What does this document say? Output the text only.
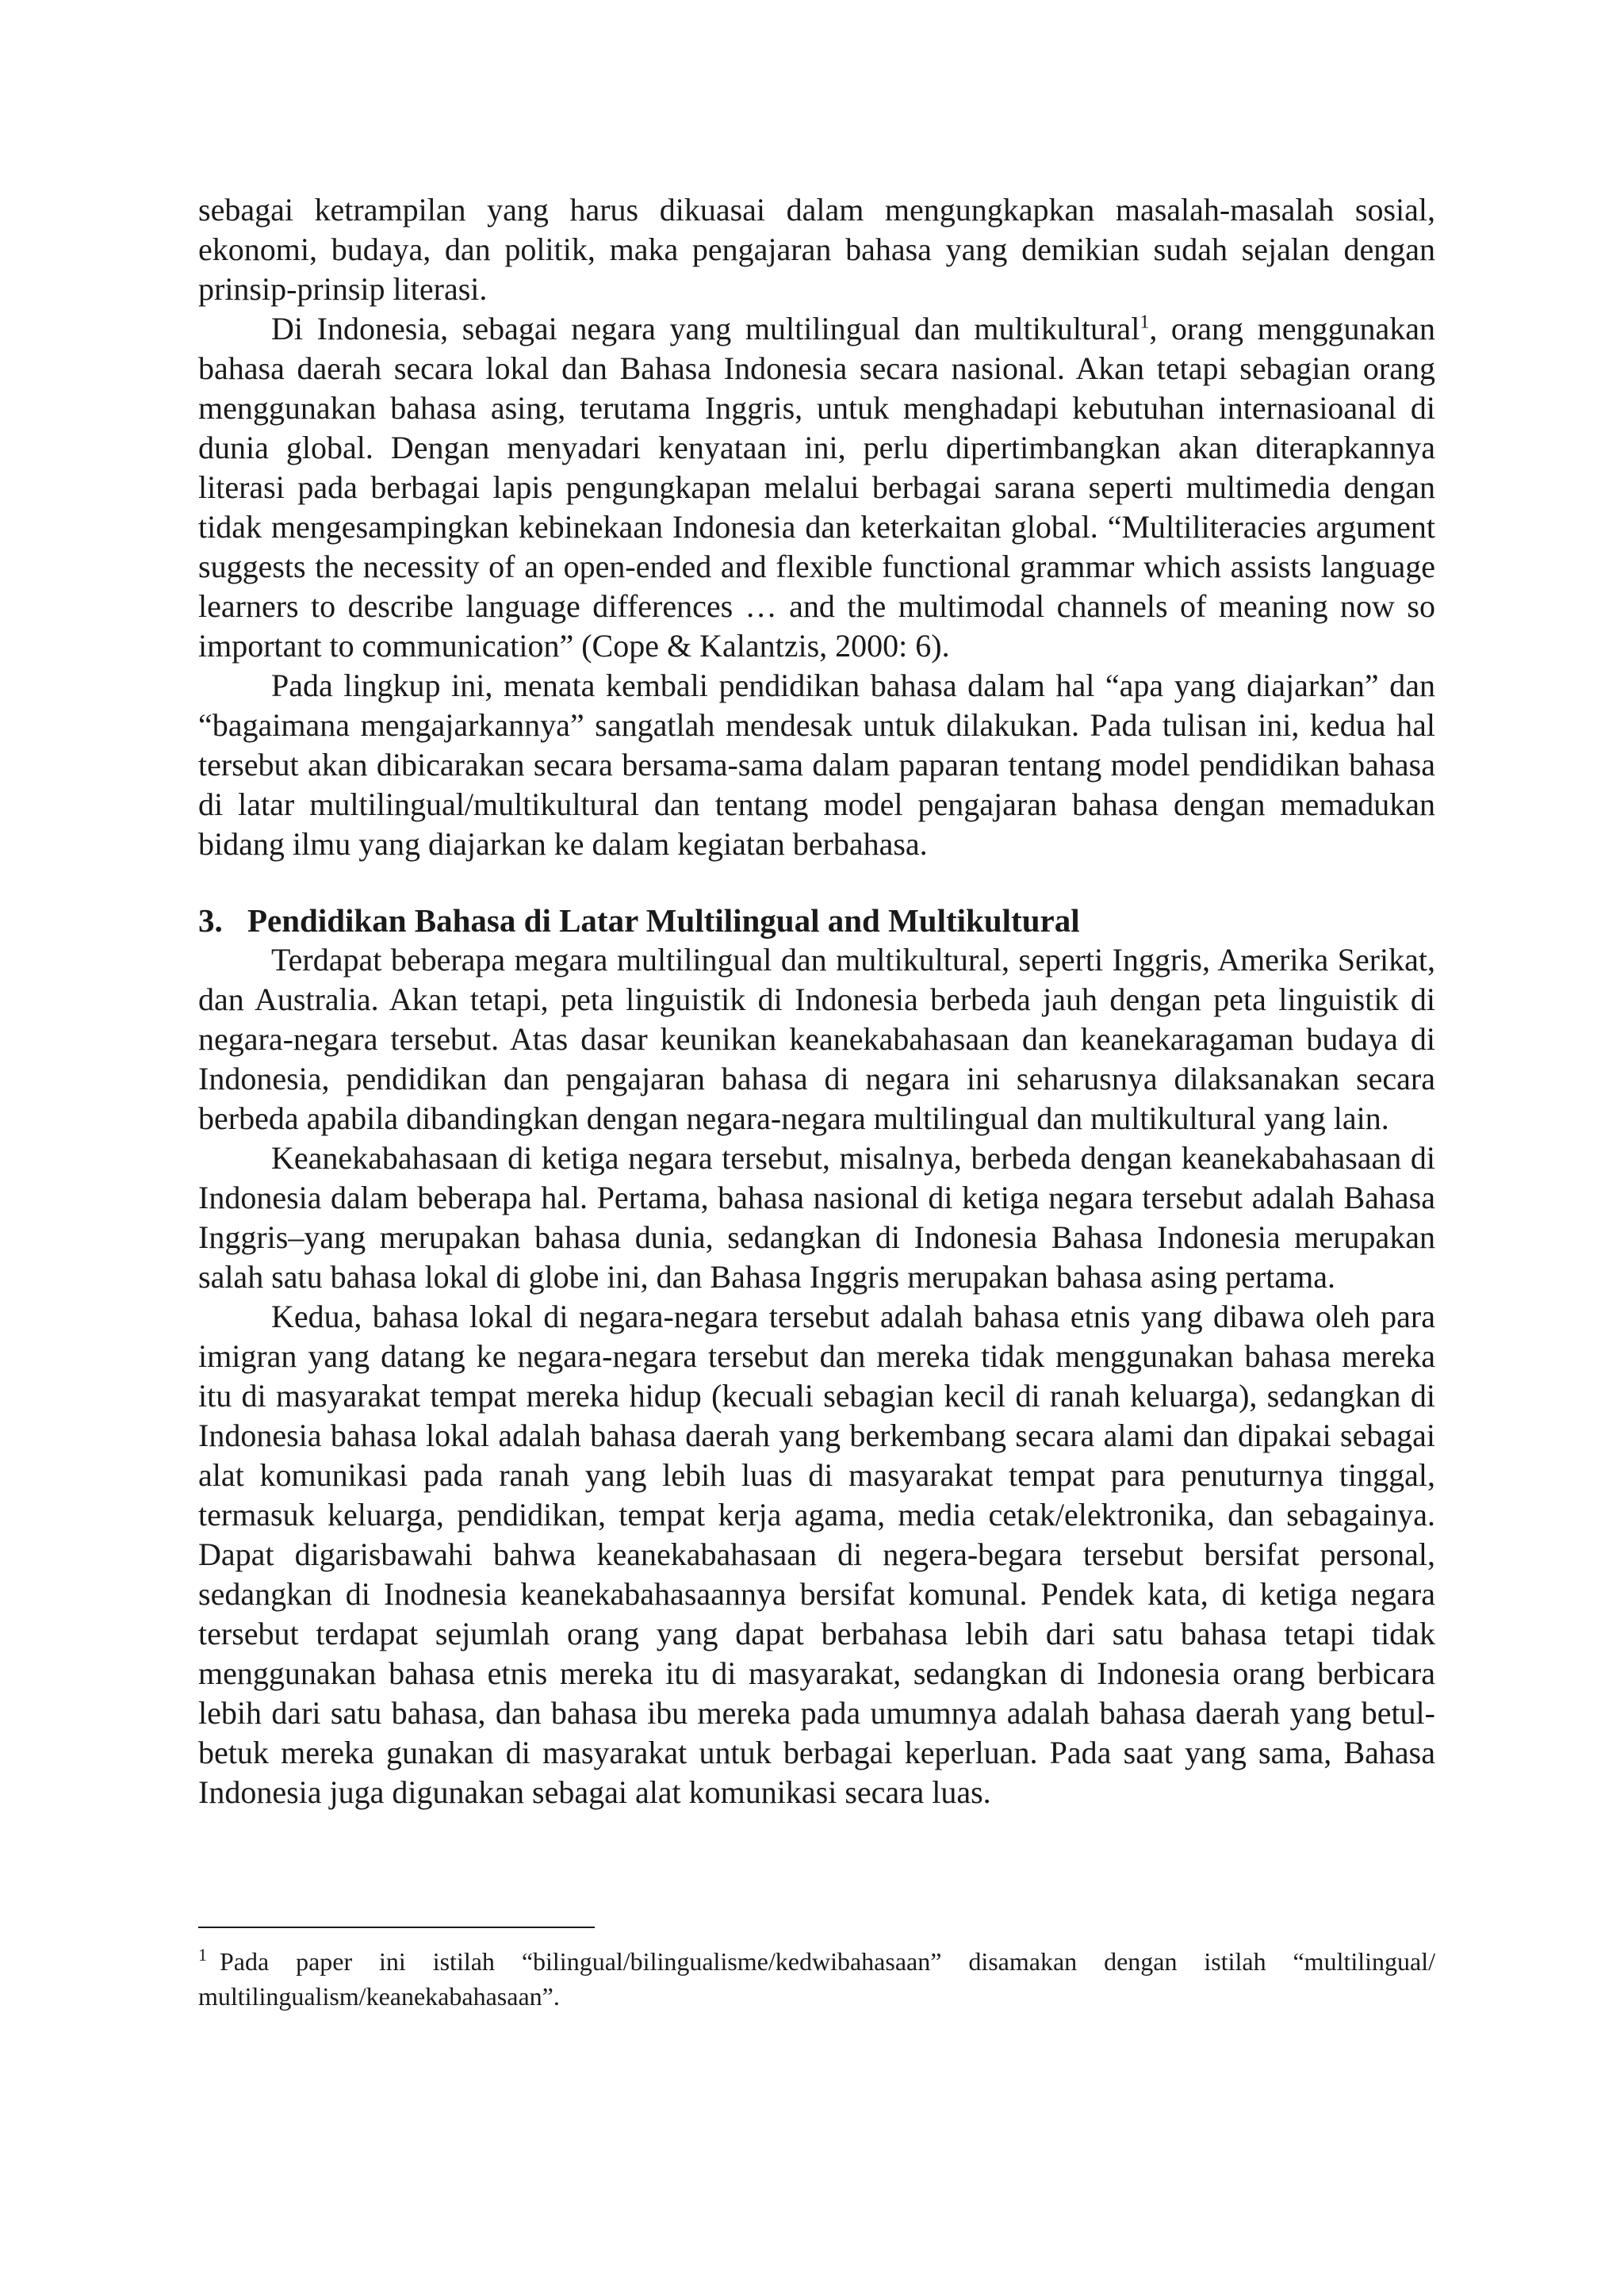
sebagai ketrampilan yang harus dikuasai dalam mengungkapkan masalah-masalah sosial, ekonomi, budaya, dan politik, maka pengajaran bahasa yang demikian sudah sejalan dengan prinsip-prinsip literasi.

Di Indonesia, sebagai negara yang multilingual dan multikultural$^1$, orang menggunakan bahasa daerah secara lokal dan Bahasa Indonesia secara nasional. Akan tetapi sebagian orang menggunakan bahasa asing, terutama Inggris, untuk menghadapi kebutuhan internasioanal di dunia global. Dengan menyadari kenyataan ini, perlu dipertimbangkan akan diterapkannya literasi pada berbagai lapis pengungkapan melalui berbagai sarana seperti multimedia dengan tidak mengesampingkan kebinekaan Indonesia dan keterkaitan global. “Multiliteracies argument suggests the necessity of an open-ended and flexible functional grammar which assists language learners to describe language differences … and the multimodal channels of meaning now so important to communication” (Cope & Kalantzis, 2000: 6).

Pada lingkup ini, menata kembali pendidikan bahasa dalam hal “apa yang diajarkan” dan “bagaimana mengajarkannya” sangatlah mendesak untuk dilakukan. Pada tulisan ini, kedua hal tersebut akan dibicarakan secara bersama-sama dalam paparan tentang model pendidikan bahasa di latar multilingual/multikultural dan tentang model pengajaran bahasa dengan memadukan bidang ilmu yang diajarkan ke dalam kegiatan berbahasa.

3. Pendidikan Bahasa di Latar Multilingual and Multikultural

Terdapat beberapa megara multilingual dan multikultural, seperti Inggris, Amerika Serikat, dan Australia. Akan tetapi, peta linguistik di Indonesia berbeda jauh dengan peta linguistik di negara-negara tersebut. Atas dasar keunikan keanekabahasaan dan keanekaragaman budaya di Indonesia, pendidikan dan pengajaran bahasa di negara ini seharusnya dilaksanakan secara berbeda apabila dibandingkan dengan negara-negara multilingual dan multikultural yang lain.

Keanekabahasaan di ketiga negara tersebut, misalnya, berbeda dengan keanekabahasaan di Indonesia dalam beberapa hal. Pertama, bahasa nasional di ketiga negara tersebut adalah Bahasa Inggris–yang merupakan bahasa dunia, sedangkan di Indonesia Bahasa Indonesia merupakan salah satu bahasa lokal di globe ini, dan Bahasa Inggris merupakan bahasa asing pertama.

Kedua, bahasa lokal di negara-negara tersebut adalah bahasa etnis yang dibawa oleh para imigran yang datang ke negara-negara tersebut dan mereka tidak menggunakan bahasa mereka itu di masyarakat tempat mereka hidup (kecuali sebagian kecil di ranah keluarga), sedangkan di Indonesia bahasa lokal adalah bahasa daerah yang berkembang secara alami dan dipakai sebagai alat komunikasi pada ranah yang lebih luas di masyarakat tempat para penuturnya tinggal, termasuk keluarga, pendidikan, tempat kerja agama, media cetak/elektronika, dan sebagainya. Dapat digarisbawahi bahwa keanekabahasaan di negera-begara tersebut bersifat personal, sedangkan di Inodnesia keanekabahasaannya bersifat komunal. Pendek kata, di ketiga negara tersebut terdapat sejumlah orang yang dapat berbahasa lebih dari satu bahasa tetapi tidak menggunakan bahasa etnis mereka itu di masyarakat, sedangkan di Indonesia orang berbicara lebih dari satu bahasa, dan bahasa ibu mereka pada umumnya adalah bahasa daerah yang betul-betuk mereka gunakan di masyarakat untuk berbagai keperluan. Pada saat yang sama, Bahasa Indonesia juga digunakan sebagai alat komunikasi secara luas.

$^1$ Pada paper ini istilah “bilingual/bilingualisme/kedwibahasaan” disamakan dengan istilah “multilingual/ multilingualism/keanekabahasaan”.
